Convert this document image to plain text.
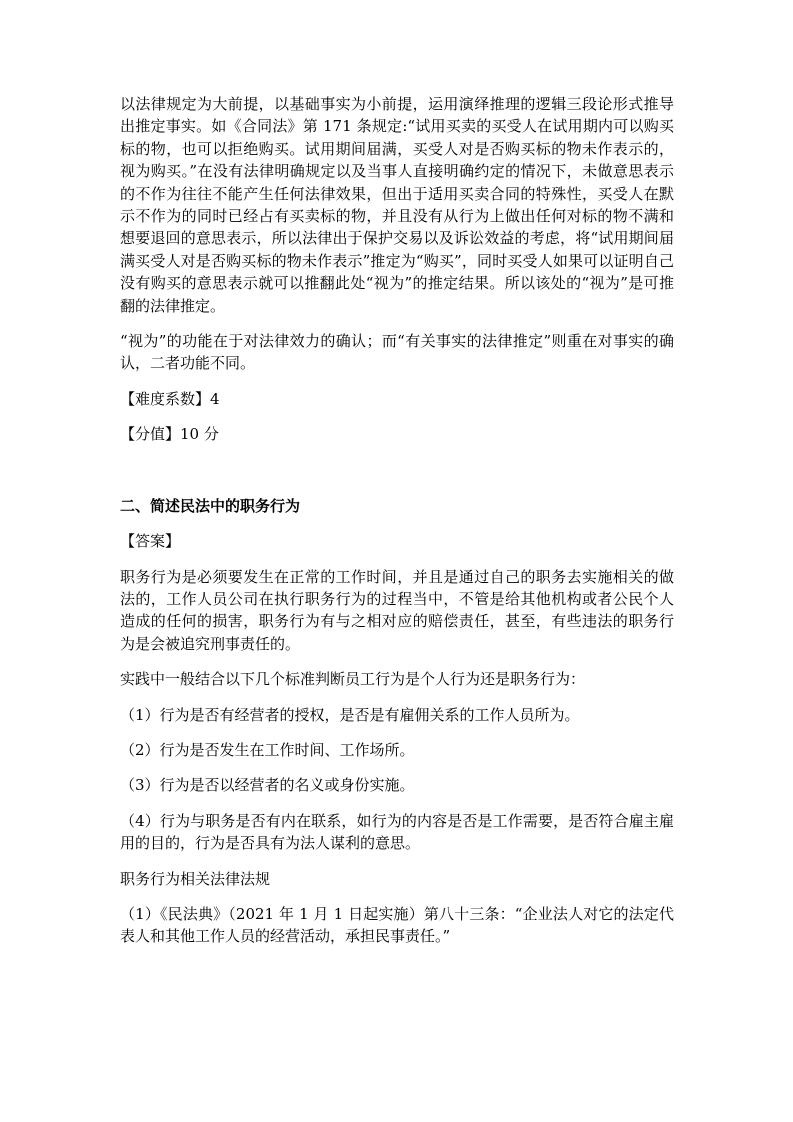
以法律规定为大前提，以基础事实为小前提，运用演绎推理的逻辑三段论形式推导出推定事实。如《合同法》第 171 条规定:“试用买卖的买受人在试用期内可以购买标的物，也可以拒绝购买。试用期间届满，买受人对是否购买标的物未作表示的，视为购买。”在没有法律明确规定以及当事人直接明确约定的情况下，未做意思表示的不作为往往不能产生任何法律效果，但出于适用买卖合同的特殊性，买受人在默示不作为的同时已经占有买卖标的物，并且没有从行为上做出任何对标的物不满和想要退回的意思表示，所以法律出于保护交易以及诉讼效益的考虑，将“试用期间届满买受人对是否购买标的物未作表示”推定为“购买”，同时买受人如果可以证明自己没有购买的意思表示就可以推翻此处“视为”的推定结果。所以该处的“视为”是可推翻的法律推定。

“视为”的功能在于对法律效力的确认；而“有关事实的法律推定”则重在对事实的确认，二者功能不同。

【难度系数】4

【分值】10 分

二、简述民法中的职务行为

【答案】

职务行为是必须要发生在正常的工作时间，并且是通过自己的职务去实施相关的做法的，工作人员公司在执行职务行为的过程当中，不管是给其他机构或者公民个人造成的任何的损害，职务行为有与之相对应的赔偿责任，甚至，有些违法的职务行为是会被追究刑事责任的。

实践中一般结合以下几个标准判断员工行为是个人行为还是职务行为：

（1）行为是否有经营者的授权，是否是有雇佣关系的工作人员所为。

（2）行为是否发生在工作时间、工作场所。

（3）行为是否以经营者的名义或身份实施。

（4）行为与职务是否有内在联系，如行为的内容是否是工作需要，是否符合雇主雇用的目的，行为是否具有为法人谋利的意思。

职务行为相关法律法规

（1）《民法典》（2021 年 1 月 1 日起实施）第八十三条：“企业法人对它的法定代表人和其他工作人员的经营活动，承担民事责任。”
